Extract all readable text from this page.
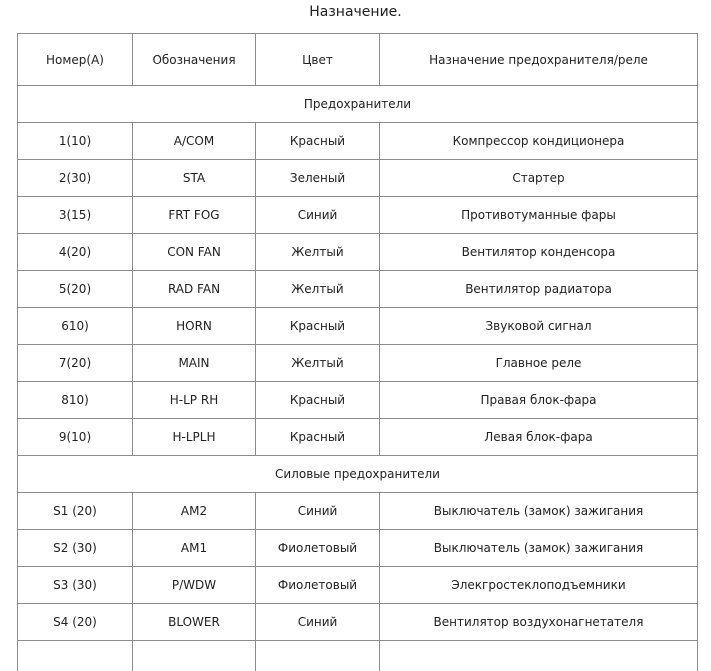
Назначение.
Номер(А)	Обозначения	Цвет	Назначение предохранителя/реле
Предохранители			
1(10)	A/COM	Красный	Компрессор кондиционера
2(30)	STA	Зеленый	Стартер
3(15)	FRT FOG	Синий	Противотуманные фары
4(20)	CON FAN	Желтый	Вентилятор конденсора
5(20)	RAD FAN	Желтый	Вентилятор радиатора
610)	HORN	Красный	Звуковой сигнал
7(20)	MAIN	Желтый	Главное реле
810)	H-LP RH	Красный	Правая блок-фара
9(10)	H-LPLH	Красный	Левая блок-фара
Силовые предохранители			
S1 (20)	AM2	Синий	Выключатель (замок) зажигания
S2 (30)	AM1	Фиолетовый	Выключатель (замок) зажигания
S3 (30)	P/WDW	Фиолетовый	Элекгростеклоподъемники
S4 (20)	BLOWER	Синий	Вентилятор воздухонагнетателя
